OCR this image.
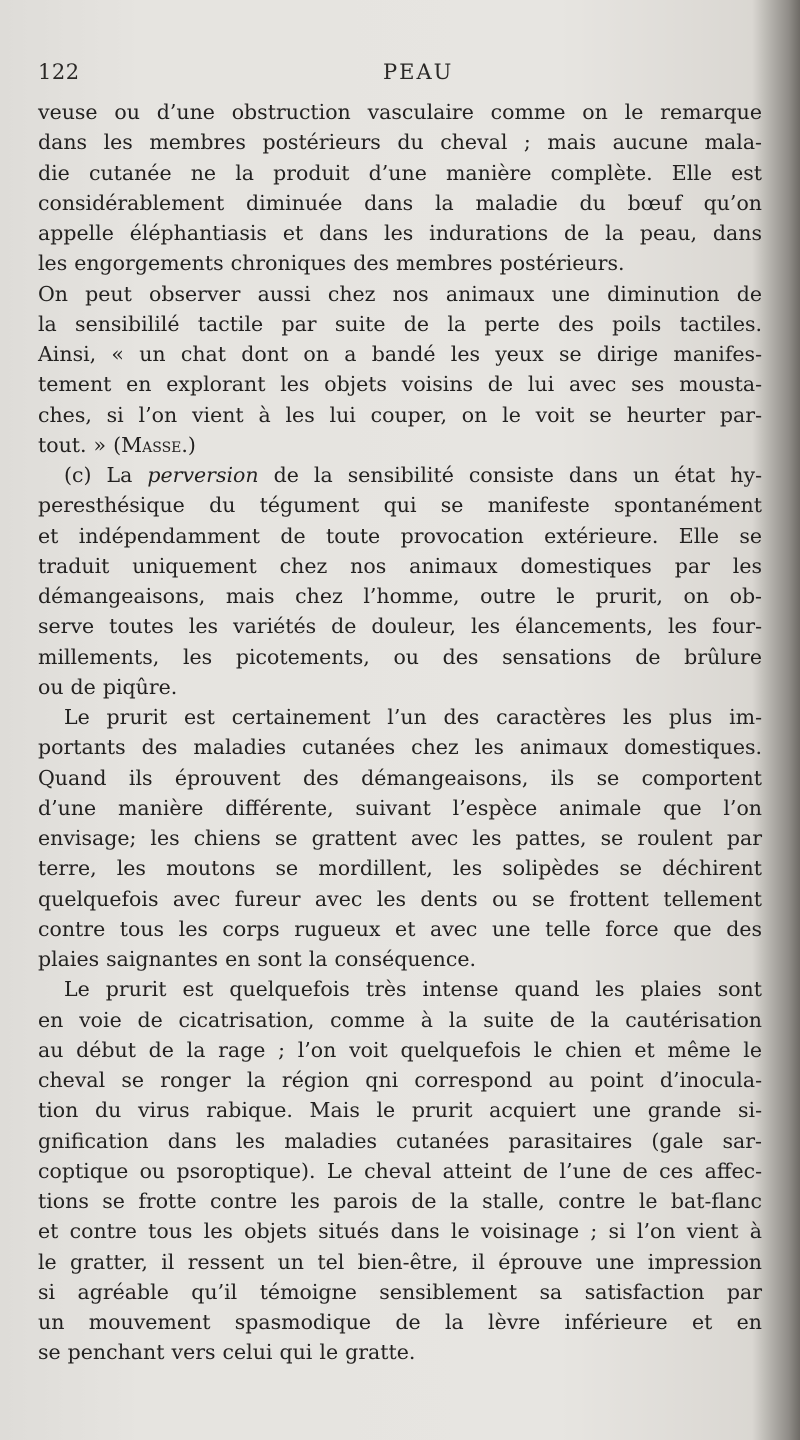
122	PEAU

veuse ou d’une obstruction vasculaire comme on le remarque
dans les membres postérieurs du cheval ; mais aucune mala-
die cutanée ne la produit d’une manière complète. Elle est
considérablement diminuée dans la maladie du bœuf qu’on
appelle éléphantiasis et dans les indurations de la peau, dans
les engorgements chroniques des membres postérieurs.

On peut observer aussi chez nos animaux une diminution de
la sensibililé tactile par suite de la perte des poils tactiles.
Ainsi, « un chat dont on a bandé les yeux se dirige manifes-
tement en explorant les objets voisins de lui avec ses mousta-
ches, si l’on vient à les lui couper, on le voit se heurter par-
tout. » (Masse.)

(c) La perversion de la sensibilité consiste dans un état hy-
peresthésique du tégument qui se manifeste spontanément
et indépendamment de toute provocation extérieure. Elle se
traduit uniquement chez nos animaux domestiques par les
démangeaisons, mais chez l’homme, outre le prurit, on ob-
serve toutes les variétés de douleur, les élancements, les four-
millements, les picotements, ou des sensations de brûlure
ou de piqûre.

Le prurit est certainement l’un des caractères les plus im-
portants des maladies cutanées chez les animaux domestiques.
Quand ils éprouvent des démangeaisons, ils se comportent
d’une manière différente, suivant l’espèce animale que l’on
envisage; les chiens se grattent avec les pattes, se roulent par
terre, les moutons se mordillent, les solipèdes se déchirent
quelquefois avec fureur avec les dents ou se frottent tellement
contre tous les corps rugueux et avec une telle force que des
plaies saignantes en sont la conséquence.

Le prurit est quelquefois très intense quand les plaies sont
en voie de cicatrisation, comme à la suite de la cautérisation
au début de la rage ; l’on voit quelquefois le chien et même le
cheval se ronger la région qni correspond au point d’inocula-
tion du virus rabique. Mais le prurit acquiert une grande si-
gnification dans les maladies cutanées parasitaires (gale sar-
coptique ou psoroptique). Le cheval atteint de l’une de ces affec-
tions se frotte contre les parois de la stalle, contre le bat-flanc
et contre tous les objets situés dans le voisinage ; si l’on vient à
le gratter, il ressent un tel bien-être, il éprouve une impression
si agréable qu’il témoigne sensiblement sa satisfaction par
un mouvement spasmodique de la lèvre inférieure et en
se penchant vers celui qui le gratte.
